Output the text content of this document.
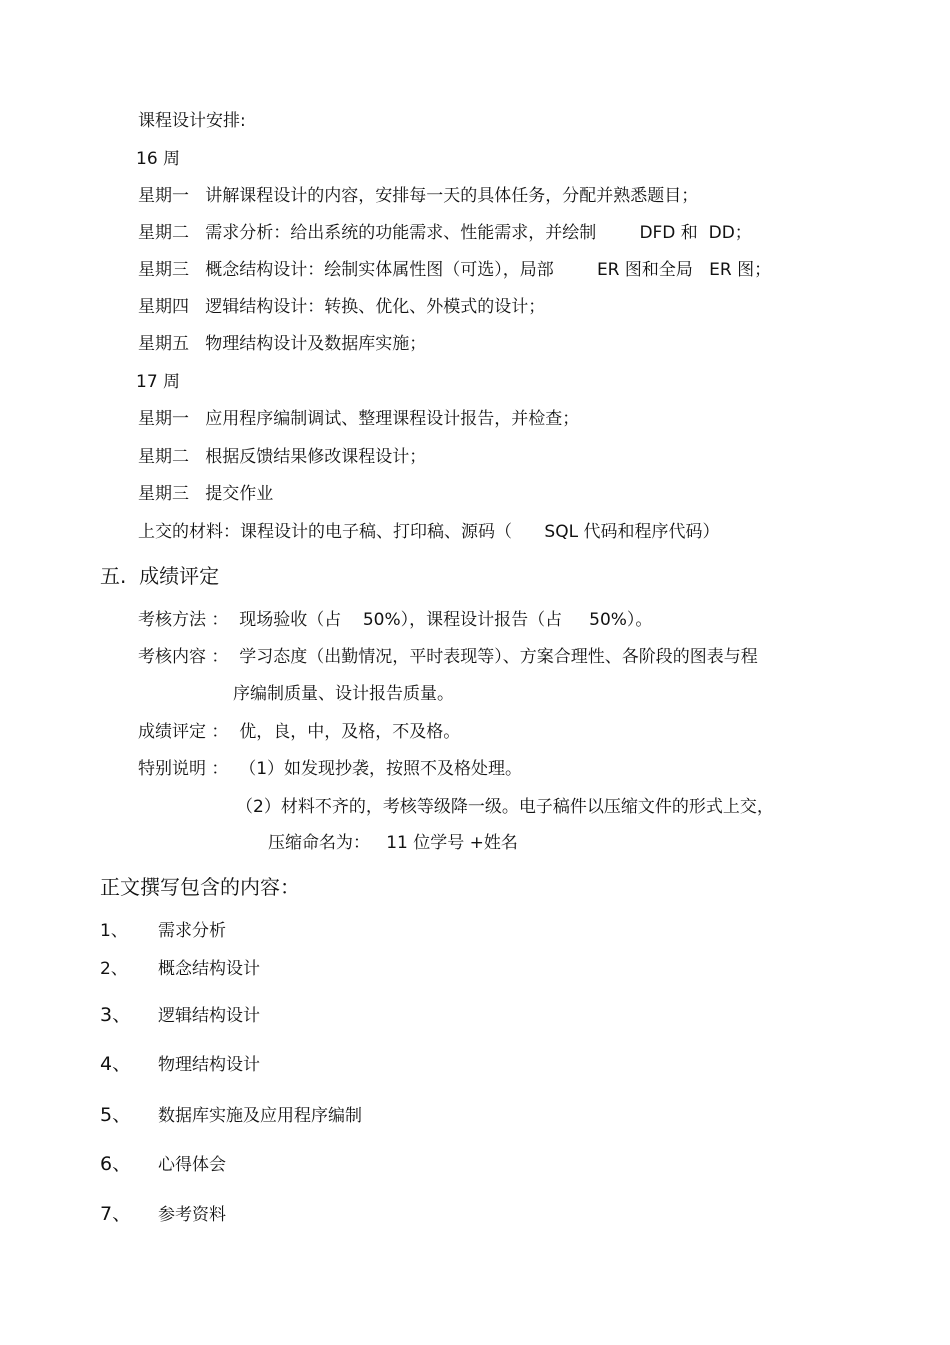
课程设计安排:
16 周
星期一   讲解课程设计的内容，安排每一天的具体任务，分配并熟悉题目；
星期二   需求分析：给出系统的功能需求、性能需求，并绘制        DFD 和  DD；
星期三   概念结构设计：绘制实体属性图（可选），局部        ER 图和全局   ER 图；
星期四   逻辑结构设计：转换、优化、外模式的设计；
星期五   物理结构设计及数据库实施；
17 周
星期一   应用程序编制调试、整理课程设计报告，并检查；
星期二   根据反馈结果修改课程设计；
星期三   提交作业
上交的材料：课程设计的电子稿、打印稿、源码（      SQL 代码和程序代码）
五.  成绩评定
考核方法 ：  现场验收（占    50%），课程设计报告（占     50%）。
考核内容 ：  学习态度（出勤情况，平时表现等）、方案合理性、各阶段的图表与程
序编制质量、设计报告质量。
成绩评定 ：  优，良，中，及格，不及格。
特别说明 ：  （1）如发现抄袭，按照不及格处理。
（2）材料不齐的，考核等级降一级。电子稿件以压缩文件的形式上交，
压缩命名为：   11 位学号 +姓名
正文撰写包含的内容：
1、 需求分析
2、 概念结构设计
3、 逻辑结构设计
4、 物理结构设计
5、 数据库实施及应用程序编制
6、 心得体会
7、 参考资料
